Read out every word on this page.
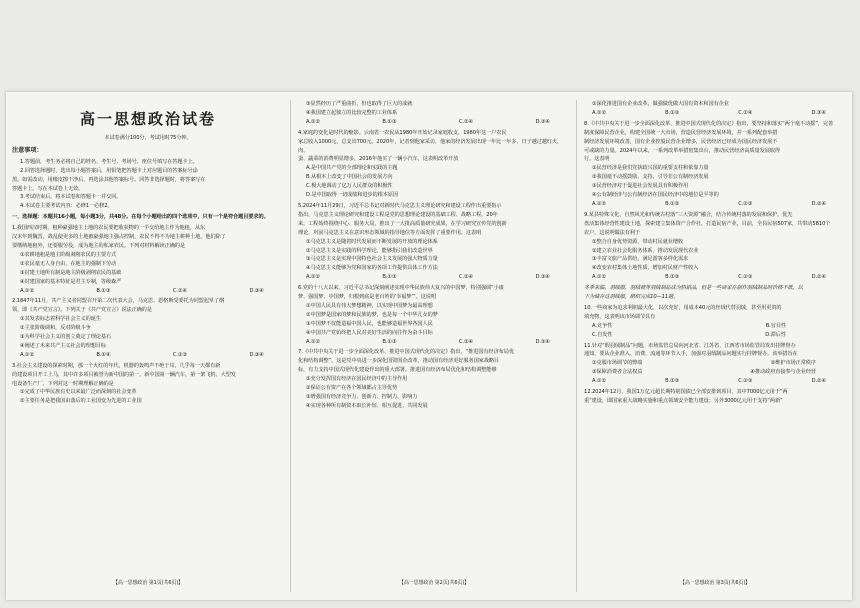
高一思想政治试卷
本试卷满分100分，考试用时75分钟。
注意事项：

1.答题前，考生务必将自己的姓名、考生号、考场号、座位号填写在答题卡上。

2.回答选择题时，选出每小题答案后，用铅笔把答题卡上对应题目的答案标号涂

黑。如需改动，用橡皮擦干净后，再选涂其他答案标号。回答非选择题时，将答案写在

答题卡上。写在本试卷上无效。

3.考试结束后，将本试卷和答题卡一并交回。

4.本试卷主要考试内容：必修1一必修2。

一、选择题：本题共16小题，每小题3分，共48分。在每个小题给出的四个选项中，只有一个是符合题目要求的。

1.我国西汉时期，租种豪强地主土地的农民要把收获物的一半交给地主作为地租，从东

汉末年到魏晋，战乱使更多的土地被豪强地主强占控制，农民不得不为地主耕种土地，他们除了

要缴纳地租外，还要服劳役，成为地主的私家农民。下列对材料解读正确的是

①农耕地租是地主阶级剥削农民的主要方式

②农民毫无人身自由，在地主的强制下劳动

③封建土地所有制是地主阶级剥削农民的基础

④封建国家的基本特征是君主专制，等级森严

A.①②	B.①③	C.②④	D.③④

2.1847年11月，共产主义者同盟召开第二次代表大会，马克思、恩格斯受委托为同盟起草了纲

领，即《共产党宣言》。下列关于《共产党宣言》说法正确的是

①其发表标志着科学社会主义的诞生

②主张阶级调和，反对阶级斗争

③为科学社会主义的创立奠定了理论基石

④阐述了未来共产主义社会的理想目标

A.①②	B.①④	C.②③	D.③④

3.社会主义建设的探索时期，那一个火红的年代，机器的轰鸣声不绝于耳，几乎每一天都有新

的建设项目开工上马，其中许多项目被誉为新中国的第一，新中国第一辆汽车，第一架飞机、大型发

电设备生产厂，下列对这一时期理解正确的是

①完成了中华民族有史以来最广泛而深刻的社会变革

②主要任务是把我国由落后的工业国变为先进的工业国

【高一思想政治 第1页(共6页)】

③显然经历了严重曲折，但也取得了巨大的成就

④我国建立起独立的比较完整的工业体系

A.①②	B.①③	C.②④	D.③④

4.家庭的变化是时代的缩影。云南省一农民从1980年开始记录家庭收支，1980年这一户农民

家总收入1000元，总支出700元。2020年，记者到他家采访，他家的经济发展出现一年比一年多，日子越过越红火，肉、

蛋、蔬菜的消费明显增多，2016年他买了一辆小汽车，这表明改革开放

A.是中国共产党的全部理论和实践的主题

B.从根本上改变了中国社会的发展方向

C.极大地调动了亿万人民群众的积极性

D.是中国取得一切成绩和进步的根本原因

5.2024年11月29日，习近平总书记对新时代马克思主义理论研究和建设工程作出重要指示

指出，马克思主义理论研究和建设工程是党的思想理论建设的基础工程、战略工程。20年

来，工程始终围绕中心、服务大局，推出了一大批高质量研究成果，在学习研究宣传党的创新

理论，巩固马克思主义在意识形态领域的指导地位等方面发挥了重要作用。这表明

①马克思主义是随着时代发展而不断发展的开放的理论体系

②马克思主义是实践的科学理论，能够指引我们改造世界

③马克思主义是实现中国特色社会主义发展的强大物质力量

④马克思主义能够为党和国家的各项工作提供具体工作方法

A.①②	B.①③	C.②④	D.③④

6.党的十八大以来，习近平总书记深刻阐述实现中华民族伟大复兴的中国梦，特别强调“小康

梦、强国梦、中国梦，归根到底是老百姓的‘幸福梦’”。这说明

①中国人民具有伟大梦想精神，以实现中国梦为最高理想

②中国梦是国家的梦和民族的梦，也是每一个中华儿女的梦

③中国梦不仅能造福中国人民，也能够造福世界各国人民

④中国共产党始终把人民对美好生活的向往作为奋斗目标

A.①②	B.①③	C.②④	D.③④

7.《中共中央关于进一步全面深化改革、推进中国式现代化的决定》指出，“推进国有经济布局优

化和结构调整”。这是党中央进一步深化国资国企改革，推动国有经济更好服务国家战略目

标，有力支持中国式现代化建设作出的重大部署。推进国有经济布局优化和结构调整能够

①充分发挥国有经济在国民经济中的主导作用

②保证公有资产在各个领域都占主导优势

③增强国有经济竞争力、创新力、控制力、影响力

④实现各种所有制资本取长补短、相互促进、共同发展

【高一思想政治 第2页(共6页)】

①深化推进国有企业改革，做强做优做大国有资本和国有企业

A.①②	B.①③	C.②④	D.③④

8.《中共中央关于进一步全面深化改革、推进中国式现代化的决定》指出，要坚持和落实“两个毫不动摇”，完善

制度保障民营企业，构建全国统一大市场，营造民营经济发展环境，并一系列配套举措

制经济发展环境改善，国有企业控股民营企业增多，民营经济已经成为国民经济发展不

可或缺的力量。2024年以来，一系列改革举措密集出台，推动民营经济高质量发展取得

行。这表明

①民营经济是我们党执政兴国的重要支柱和依靠力量

②我国毫不动摇鼓励、支持、引导非公有制经济发展

③民营经济对于促进社会发展具有积极作用

④公有制经济与公有制经济在国民经济中的地位是平等的

A.①②	B.①③	C.②③	D.②④

9.某县特殊文化，自然风光和传统古村落“三大资源”融合，结合传统村落的发展和保护，优先

盘活集体经营性建设土地，探索建立集体资产合作社，打造民宿产业，目前，全县民宿507家，共带动5810个

农户，这说明做法有利于

①整合自身优势资源，带动村民就业增收

②建立农业社会化服务体系，推动发展现代农业

③丰富文旅产品供给，满足游客多样化需求

④改变农村集体土地性质，增加村民财产性收入

A.①②	B.①③	C.②③	D.②④

冬季来临，羽绒服、羽绒被等羽绒制品成为热销品，但是一些商家在制作羽绒制品时价格不低，以

下为储存这羽绒服，组织完成10—11题。

10.一些商家为追求利润最大化，以次充好，用成本40元的丝绒代替羽绒，甚至用更贵的

填充物，这表明该市场调节具有

A.竞争性	B.盲目性
C.自发性	D.滞后性

11.针对“假羽绒制品”问题，市场监管总局向河北省、江苏省、江西省市场监管局发出挂牌督办

通知，要从企业准入、消费、流通等环节入手，加强对羽绒制品问题实行挂牌督办。该举措旨在

①克服市场调节的弊端	②维护市场正常秩序
③保障消费者合法权益	④推动政府直接参与企业经营
A.①②	B.①③	C.②③	D.②④

12.2024年12月，我国1万亿元超长期特别国债已全部安排到项目，其中7000亿元用于“两

重”建设，即国家重大战略实施和重点领域安全能力建设；另外3000亿元用于支持“两新”

【高一思想政治 第3页(共6页)】
